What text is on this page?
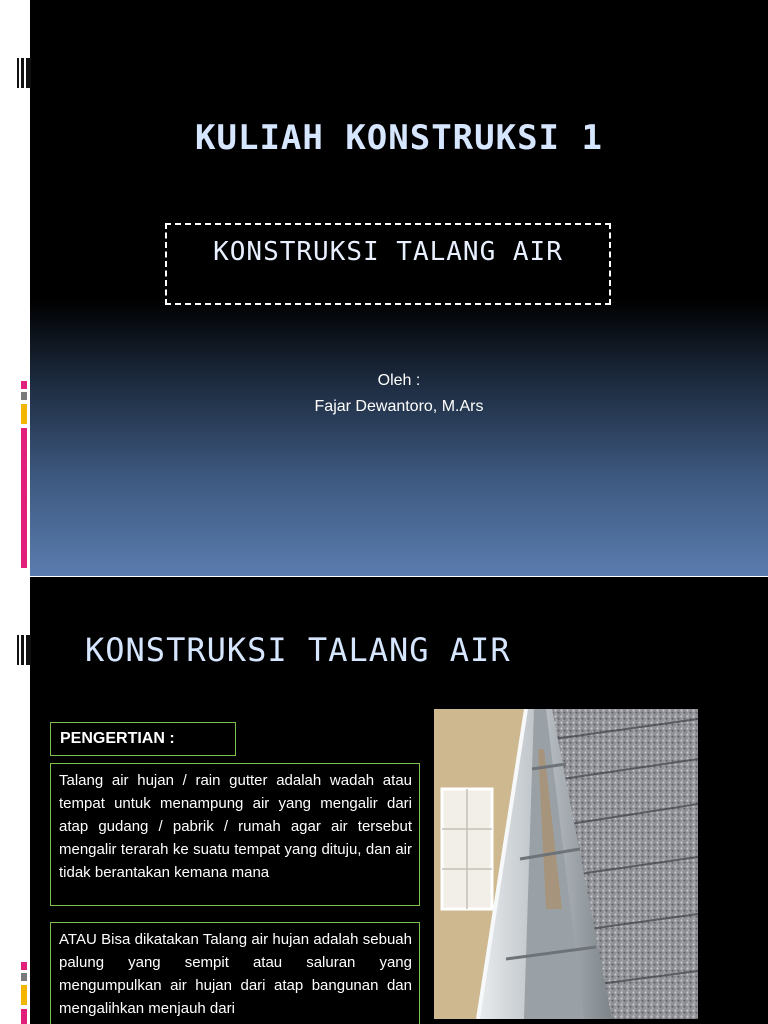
KULIAH KONSTRUKSI 1
KONSTRUKSI TALANG AIR
Oleh :
Fajar Dewantoro, M.Ars
KONSTRUKSI TALANG AIR
PENGERTIAN :
Talang air hujan / rain gutter adalah wadah atau tempat untuk menampung air yang mengalir dari atap gudang / pabrik / rumah agar air tersebut mengalir terarah ke suatu tempat yang dituju, dan air tidak berantakan kemana mana
ATAU Bisa dikatakan Talang air hujan adalah sebuah palung yang sempit atau saluran yang mengumpulkan air hujan dari atap bangunan dan mengalihkan menjauh dari
